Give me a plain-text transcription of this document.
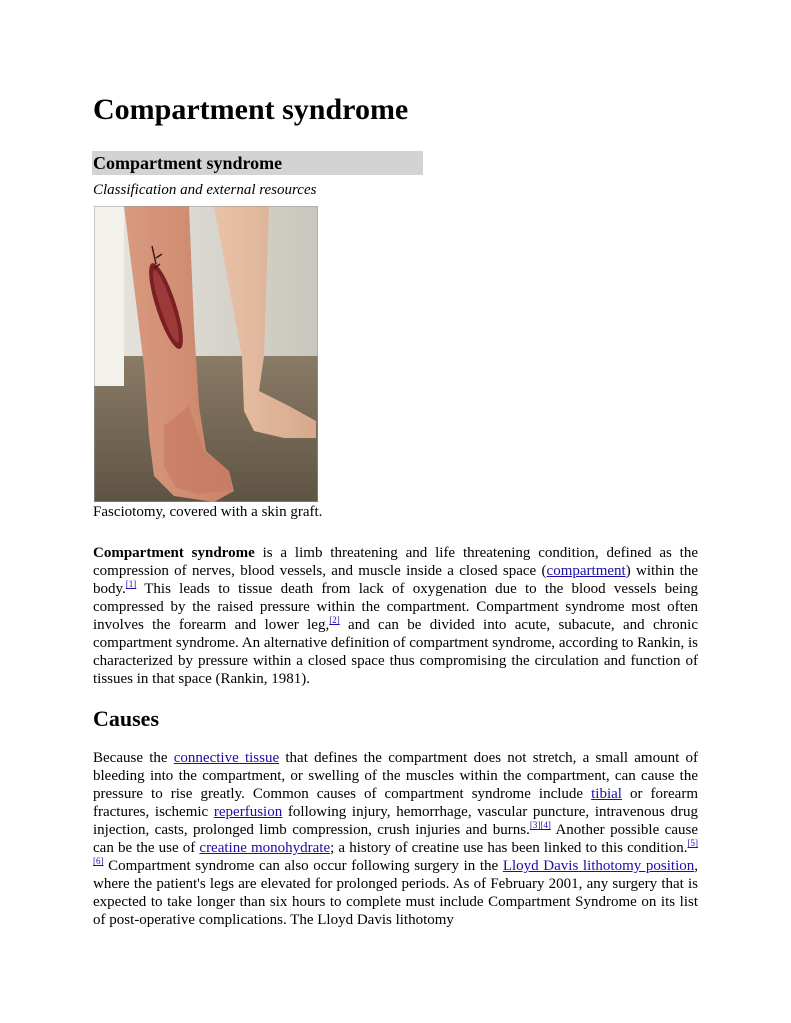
Compartment syndrome
Compartment syndrome
Classification and external resources
Fasciotomy, covered with a skin graft.

Compartment syndrome is a limb threatening and life threatening condition, defined as the compression of nerves, blood vessels, and muscle inside a closed space (compartment) within the body.[1] This leads to tissue death from lack of oxygenation due to the blood vessels being compressed by the raised pressure within the compartment. Compartment syndrome most often involves the forearm and lower leg,[2] and can be divided into acute, subacute, and chronic compartment syndrome. An alternative definition of compartment syndrome, according to Rankin, is characterized by pressure within a closed space thus compromising the circulation and function of tissues in that space (Rankin, 1981).

Causes

Because the connective tissue that defines the compartment does not stretch, a small amount of bleeding into the compartment, or swelling of the muscles within the compartment, can cause the pressure to rise greatly. Common causes of compartment syndrome include tibial or forearm fractures, ischemic reperfusion following injury, hemorrhage, vascular puncture, intravenous drug injection, casts, prolonged limb compression, crush injuries and burns.[3][4] Another possible cause can be the use of creatine monohydrate; a history of creatine use has been linked to this condition.[5][6] Compartment syndrome can also occur following surgery in the Lloyd Davis lithotomy position, where the patient's legs are elevated for prolonged periods. As of February 2001, any surgery that is expected to take longer than six hours to complete must include Compartment Syndrome on its list of post-operative complications. The Lloyd Davis lithotomy
